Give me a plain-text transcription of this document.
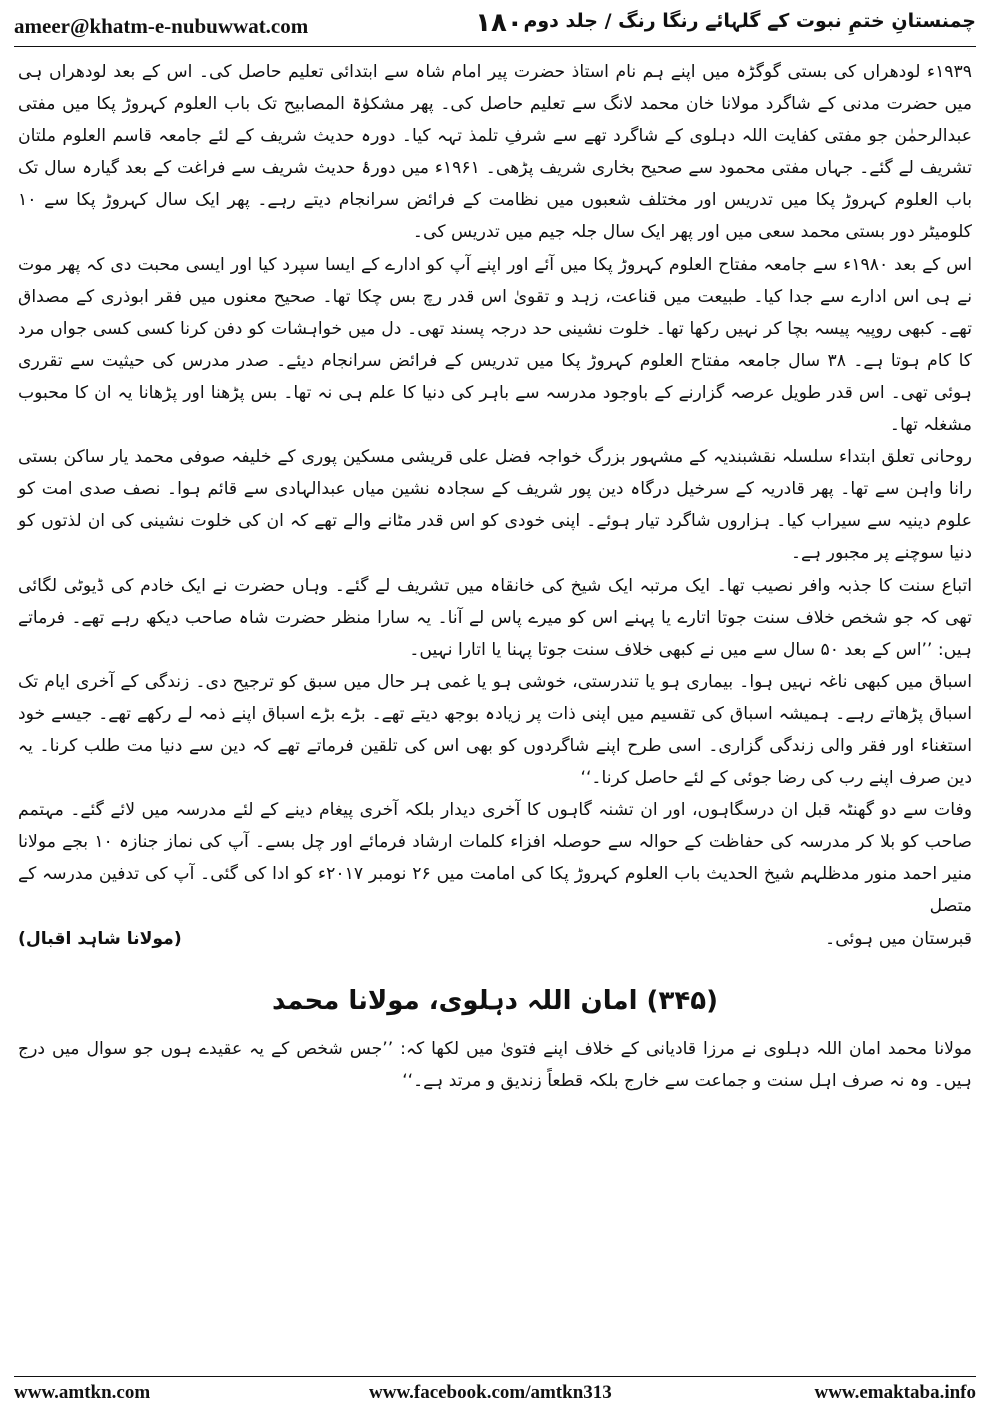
ameer@khatm-e-nubuwwat.com	۱۸۰ چمنستانِ ختمِ نبوت کے گلہائے رنگا رنگ / جلد دوم

۱۹۳۹ء لودھراں کی بستی گوگڑہ میں اپنے ہم نام استاذ حضرت پیر امام شاہ سے ابتدائی تعلیم حاصل کی۔ اس کے بعد لودھراں ہی میں حضرت مدنی کے شاگرد مولانا خان محمد لانگ سے تعلیم حاصل کی۔ پھر مشکوٰۃ المصابیح تک باب العلوم کہروڑ پکا میں مفتی عبدالرحمٰن جو مفتی کفایت اللہ دہلوی کے شاگرد تھے سے شرفِ تلمذ تہہ کیا۔ دورہ حدیث شریف کے لئے جامعہ قاسم العلوم ملتان تشریف لے گئے۔ جہاں مفتی محمود سے صحیح بخاری شریف پڑھی۔ ۱۹۶۱ء میں دورۂ حدیث شریف سے فراغت کے بعد گیارہ سال تک باب العلوم کہروڑ پکا میں تدریس اور مختلف شعبوں میں نظامت کے فرائض سرانجام دیتے رہے۔ پھر ایک سال کہروڑ پکا سے ۱۰ کلومیٹر دور بستی محمد سعی میں اور پھر ایک سال جلہ جیم میں تدریس کی۔

اس کے بعد ۱۹۸۰ء سے جامعہ مفتاح العلوم کہروڑ پکا میں آئے اور اپنے آپ کو ادارے کے ایسا سپرد کیا اور ایسی محبت دی کہ پھر موت نے ہی اس ادارے سے جدا کیا۔ طبیعت میں قناعت، زہد و تقویٰ اس قدر رچ بس چکا تھا۔ صحیح معنوں میں فقر ابوذری کے مصداق تھے۔ کبھی روپیہ پیسہ بچا کر نہیں رکھا تھا۔ خلوت نشینی حد درجہ پسند تھی۔ دل میں خواہشات کو دفن کرنا کسی کسی جواں مرد کا کام ہوتا ہے۔ ۳۸ سال جامعہ مفتاح العلوم کہروڑ پکا میں تدریس کے فرائض سرانجام دیئے۔ صدر مدرس کی حیثیت سے تقرری ہوئی تھی۔ اس قدر طویل عرصہ گزارنے کے باوجود مدرسہ سے باہر کی دنیا کا علم ہی نہ تھا۔ بس پڑھنا اور پڑھانا یہ ان کا محبوب مشغلہ تھا۔

روحانی تعلق ابتداء سلسلہ نقشبندیہ کے مشہور بزرگ خواجہ فضل علی قریشی مسکین پوری کے خلیفہ صوفی محمد یار ساکن بستی رانا واہن سے تھا۔ پھر قادریہ کے سرخیل درگاہ دین پور شریف کے سجادہ نشین میاں عبدالہادی سے قائم ہوا۔ نصف صدی امت کو علوم دینیہ سے سیراب کیا۔ ہزاروں شاگرد تیار ہوئے۔ اپنی خودی کو اس قدر مٹانے والے تھے کہ ان کی خلوت نشینی کی ان لذتوں کو دنیا سوچنے پر مجبور ہے۔

اتباع سنت کا جذبہ وافر نصیب تھا۔ ایک مرتبہ ایک شیخ کی خانقاہ میں تشریف لے گئے۔ وہاں حضرت نے ایک خادم کی ڈیوٹی لگائی تھی کہ جو شخص خلاف سنت جوتا اتارے یا پہنے اس کو میرے پاس لے آنا۔ یہ سارا منظر حضرت شاہ صاحب دیکھ رہے تھے۔ فرماتے ہیں: ’’اس کے بعد ۵۰ سال سے میں نے کبھی خلاف سنت جوتا پہنا یا اتارا نہیں۔

اسباق میں کبھی ناغہ نہیں ہوا۔ بیماری ہو یا تندرستی، خوشی ہو یا غمی ہر حال میں سبق کو ترجیح دی۔ زندگی کے آخری ایام تک اسباق پڑھاتے رہے۔ ہمیشہ اسباق کی تقسیم میں اپنی ذات پر زیادہ بوجھ دیتے تھے۔ بڑے بڑے اسباق اپنے ذمہ لے رکھے تھے۔ جیسے خود استغناء اور فقر والی زندگی گزاری۔ اسی طرح اپنے شاگردوں کو بھی اس کی تلقین فرماتے تھے کہ دین سے دنیا مت طلب کرنا۔ یہ دین صرف اپنے رب کی رضا جوئی کے لئے حاصل کرنا۔‘‘

وفات سے دو گھنٹہ قبل ان درسگاہوں، اور ان تشنہ گاہوں کا آخری دیدار بلکہ آخری پیغام دینے کے لئے مدرسہ میں لائے گئے۔ مہتمم صاحب کو بلا کر مدرسہ کی حفاظت کے حوالہ سے حوصلہ افزاء کلمات ارشاد فرمائے اور چل بسے۔ آپ کی نماز جنازہ ۱۰ بجے مولانا منیر احمد منور مدظلہم شیخ الحدیث باب العلوم کہروڑ پکا کی امامت میں ۲۶ نومبر ۲۰۱۷ء کو ادا کی گئی۔ آپ کی تدفین مدرسہ کے متصل

قبرستان میں ہوئی۔
(مولانا شاہد اقبال)
(۳۴۵) امان اللہ دہلوی، مولانا محمد

مولانا محمد امان اللہ دہلوی نے مرزا قادیانی کے خلاف اپنے فتویٰ میں لکھا کہ: ’’جس شخص کے یہ عقیدے ہوں جو سوال میں درج ہیں۔ وہ نہ صرف اہل سنت و جماعت سے خارج بلکہ قطعاً زندیق و مرتد ہے۔‘‘

www.amtkn.com	www.facebook.com/amtkn313	www.emaktaba.info
